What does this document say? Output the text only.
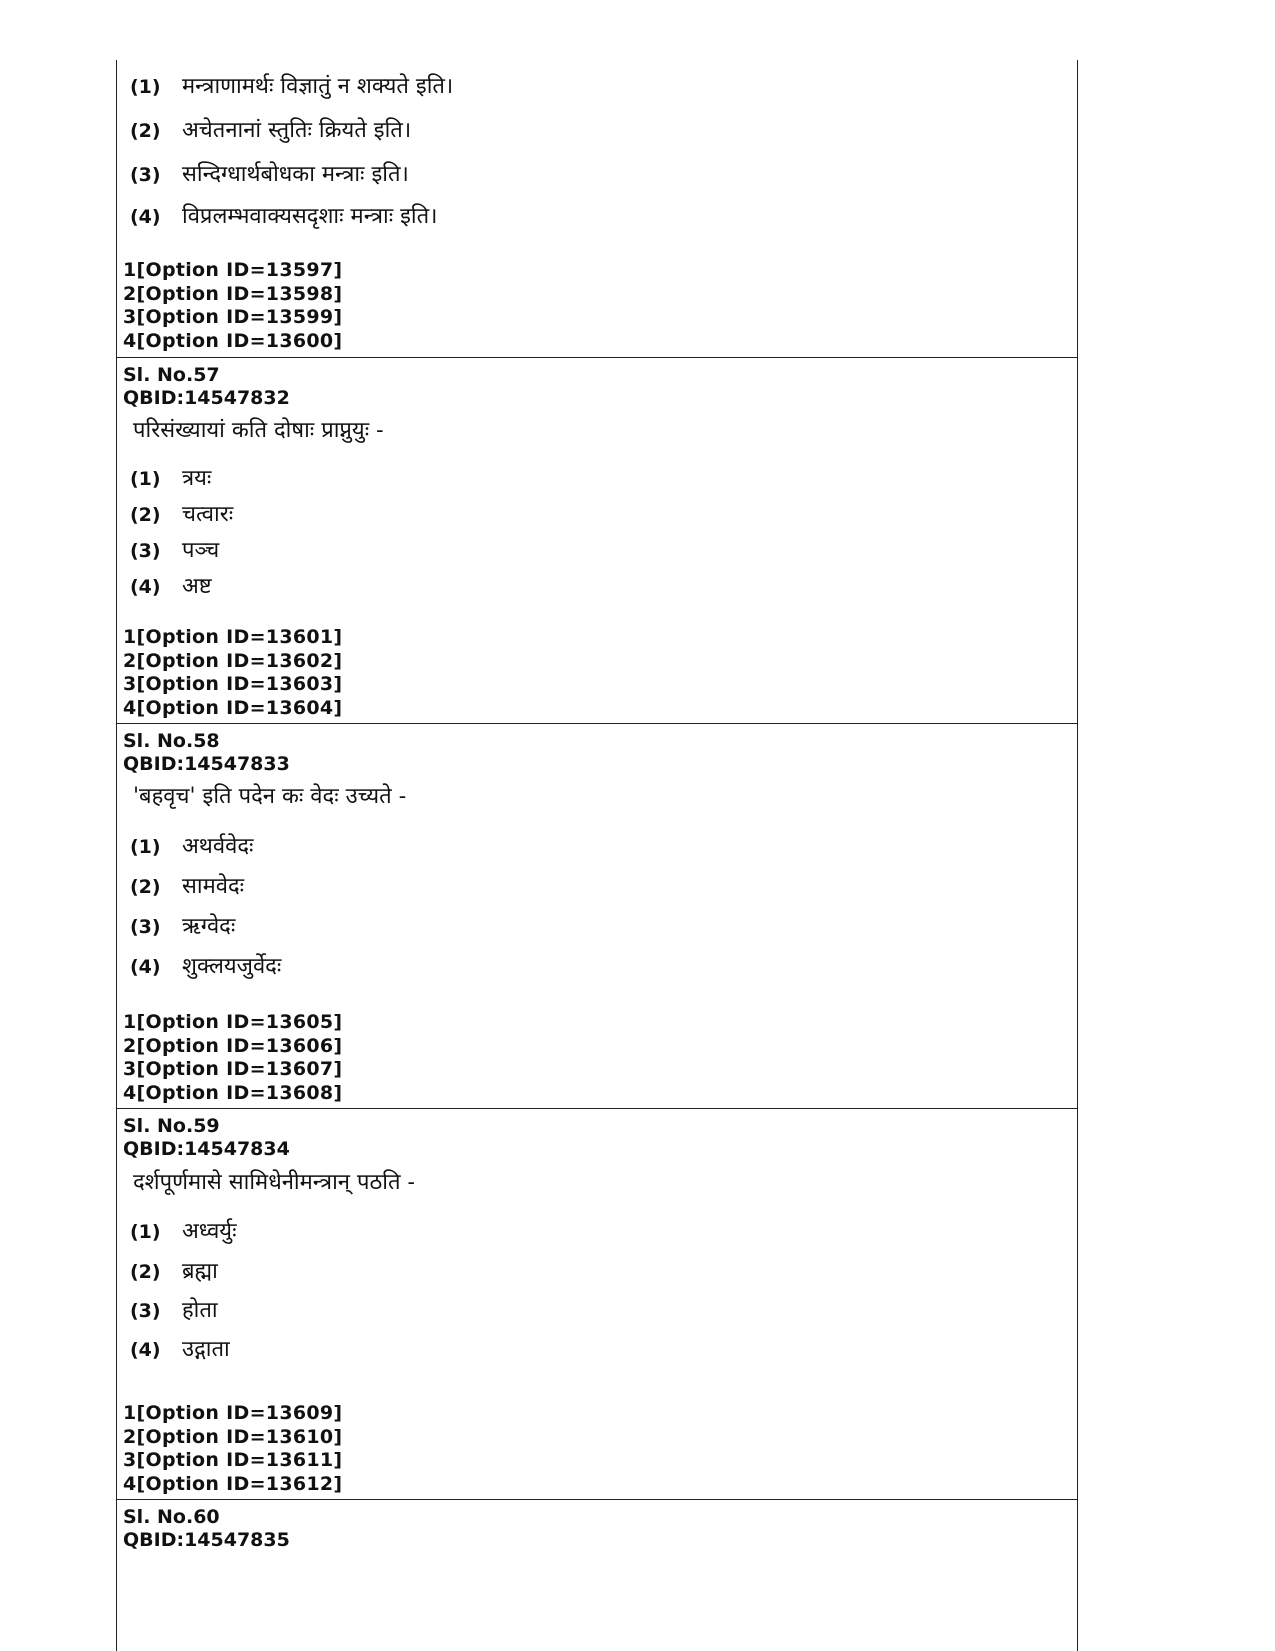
(1) मन्त्राणामर्थः विज्ञातुं न शक्यते इति।
(2) अचेतनानां स्तुतिः क्रियते इति।
(3) सन्दिग्धार्थबोधका मन्त्राः इति।
(4) विप्रलम्भवाक्यसदृशाः मन्त्राः इति।
1[Option ID=13597]
2[Option ID=13598]
3[Option ID=13599]
4[Option ID=13600]
Sl. No.57
QBID:14547832
परिसंख्यायां कति दोषाः प्राप्नुयुः -
(1) त्रयः
(2) चत्वारः
(3) पञ्च
(4) अष्ट
1[Option ID=13601]
2[Option ID=13602]
3[Option ID=13603]
4[Option ID=13604]
Sl. No.58
QBID:14547833
'बहवृच' इति पदेन कः वेदः उच्यते -
(1) अथर्ववेदः
(2) सामवेदः
(3) ऋग्वेदः
(4) शुक्लयजुर्वेदः
1[Option ID=13605]
2[Option ID=13606]
3[Option ID=13607]
4[Option ID=13608]
Sl. No.59
QBID:14547834
दर्शपूर्णमासे सामिधेनीमन्त्रान् पठति -
(1) अध्वर्युः
(2) ब्रह्मा
(3) होता
(4) उद्गाता
1[Option ID=13609]
2[Option ID=13610]
3[Option ID=13611]
4[Option ID=13612]
Sl. No.60
QBID:14547835
